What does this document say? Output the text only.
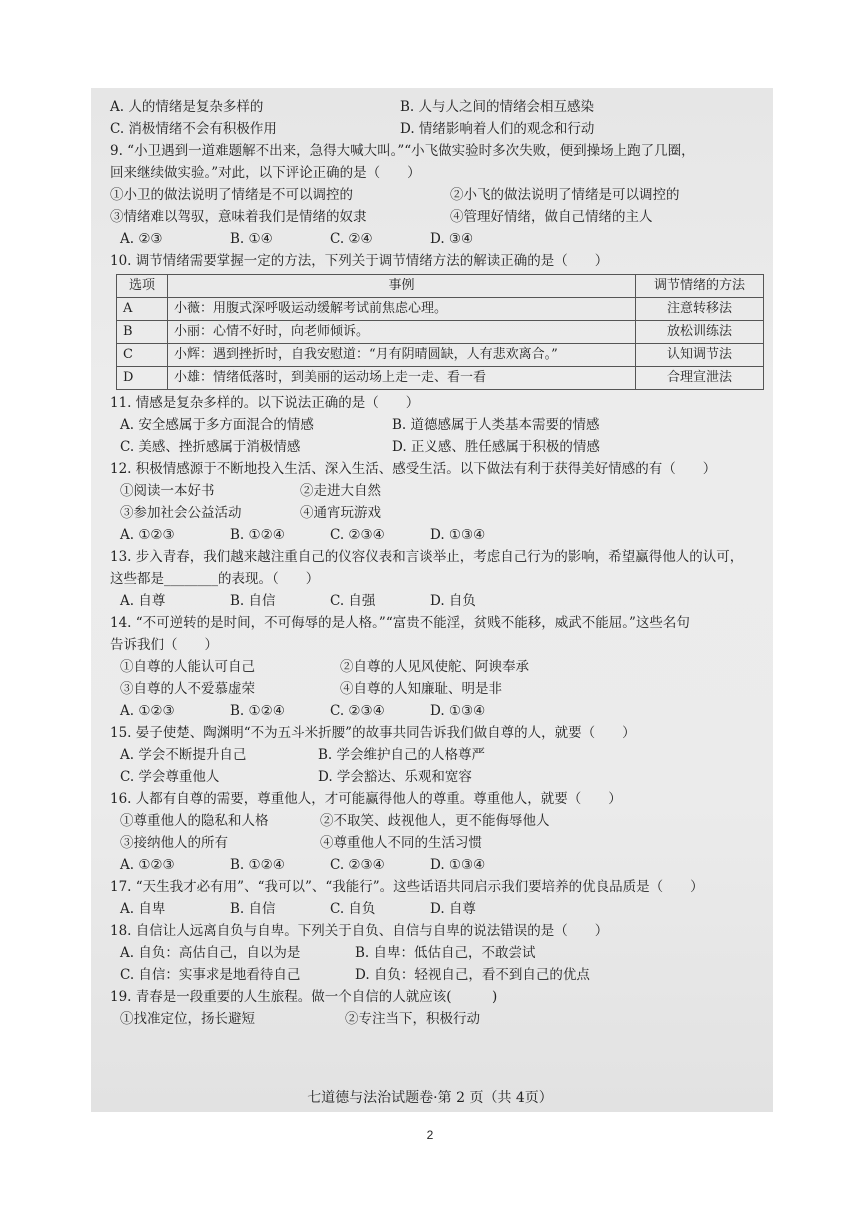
A. 人的情绪是复杂多样的	B. 人与人之间的情绪会相互感染
C. 消极情绪不会有积极作用	D. 情绪影响着人们的观念和行动
9. “小卫遇到一道难题解不出来，急得大喊大叫。”“小飞做实验时多次失败，便到操场上跑了几圈，
回来继续做实验。”对此，以下评论正确的是（　　）
①小卫的做法说明了情绪是不可以调控的	②小飞的做法说明了情绪是可以调控的
③情绪难以驾驭，意味着我们是情绪的奴隶	④管理好情绪，做自己情绪的主人
A. ②③	B. ①④	C. ②④	D. ③④
10. 调节情绪需要掌握一定的方法，下列关于调节情绪方法的解读正确的是（　　）
选项	事例	调节情绪的方法
A	小薇：用腹式深呼吸运动缓解考试前焦虑心理。	注意转移法
B	小丽：心情不好时，向老师倾诉。	放松训练法
C	小辉：遇到挫折时，自我安慰道：“月有阴晴圆缺，人有悲欢离合。”	认知调节法
D	小雄：情绪低落时，到美丽的运动场上走一走、看一看	合理宣泄法
11. 情感是复杂多样的。以下说法正确的是（　　）
A. 安全感属于多方面混合的情感	B. 道德感属于人类基本需要的情感
C. 美感、挫折感属于消极情感	D. 正义感、胜任感属于积极的情感
12. 积极情感源于不断地投入生活、深入生活、感受生活。以下做法有利于获得美好情感的有（　　）
①阅读一本好书	②走进大自然
③参加社会公益活动	④通宵玩游戏
A. ①②③	B. ①②④	C. ②③④	D. ①③④
13. 步入青春，我们越来越注重自己的仪容仪表和言谈举止，考虑自己行为的影响，希望赢得他人的认可，
这些都是________的表现。（　　）
A. 自尊	B. 自信	C. 自强	D. 自负
14. “不可逆转的是时间，不可侮辱的是人格。”“富贵不能淫，贫贱不能移，威武不能屈。”这些名句
告诉我们（　　）
①自尊的人能认可自己	②自尊的人见风使舵、阿谀奉承
③自尊的人不爱慕虚荣	④自尊的人知廉耻、明是非
A. ①②③	B. ①②④	C. ②③④	D. ①③④
15. 晏子使楚、陶渊明“不为五斗米折腰”的故事共同告诉我们做自尊的人，就要（　　）
A. 学会不断提升自己	B. 学会维护自己的人格尊严
C. 学会尊重他人	D. 学会豁达、乐观和宽容
16. 人都有自尊的需要，尊重他人，才可能赢得他人的尊重。尊重他人，就要（　　）
①尊重他人的隐私和人格	②不取笑、歧视他人，更不能侮辱他人
③接纳他人的所有	④尊重他人不同的生活习惯
A. ①②③	B. ①②④	C. ②③④	D. ①③④
17. “天生我才必有用”、“我可以”、“我能行”。这些话语共同启示我们要培养的优良品质是（　　）
A. 自卑	B. 自信	C. 自负	D. 自尊
18. 自信让人远离自负与自卑。下列关于自负、自信与自卑的说法错误的是（　　）
A. 自负：高估自己，自以为是	B. 自卑：低估自己，不敢尝试
C. 自信：实事求是地看待自己	D. 自负：轻视自己，看不到自己的优点
19. 青春是一段重要的人生旅程。做一个自信的人就应该(　　　)
①找准定位，扬长避短	②专注当下，积极行动
七道德与法治试题卷·第 2 页（共 4页）
2
